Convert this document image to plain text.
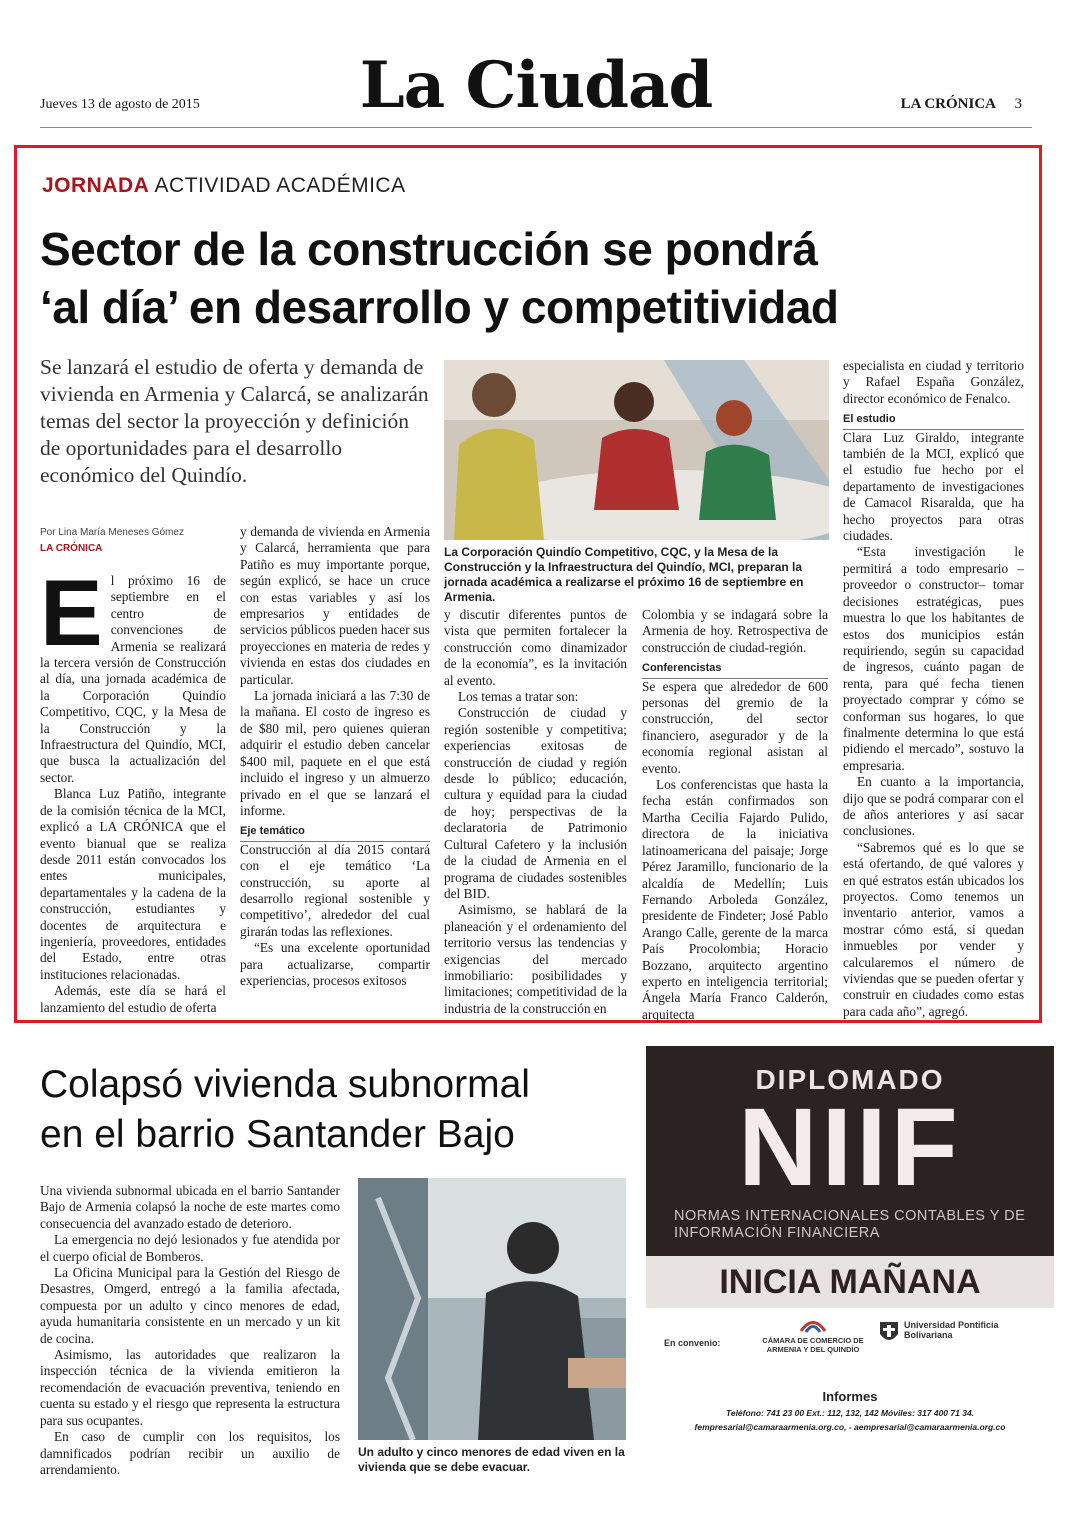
Jueves 13 de agosto de 2015	La Ciudad	LA CRÓNICA 3
JORNADA ACTIVIDAD ACADÉMICA
Sector de la construcción se pondrá
‘al día’ en desarrollo y competitividad
Se lanzará el estudio de oferta y demanda de vivienda en Armenia y Calarcá, se analizarán temas del sector la proyección y definición de oportunidades para el desarrollo económico del Quindío.
Por Lina María Meneses Gómez
LA CRÓNICA
E l próximo 16 de septiembre en el centro de convenciones de Armenia se realizará la tercera versión de Construcción al día, una jornada académica de la Corporación Quindío Competitivo, CQC, y la Mesa de la Construcción y la Infraestructura del Quindío, MCI, que busca la actualización del sector.

Blanca Luz Patiño, integrante de la comisión técnica de la MCI, explicó a LA CRÓNICA que el evento bianual que se realiza desde 2011 están convocados los entes municipales, departamentales y la cadena de la construcción, estudiantes y docentes de arquitectura e ingeniería, proveedores, entidades del Estado, entre otras instituciones relacionadas.

Además, este día se hará el lanzamiento del estudio de oferta

y demanda de vivienda en Armenia y Calarcá, herramienta que para Patiño es muy importante porque, según explicó, se hace un cruce con estas variables y así los empresarios y entidades de servicios públicos pueden hacer sus proyecciones en materia de redes y vivienda en estas dos ciudades en particular.

La jornada iniciará a las 7:30 de la mañana. El costo de ingreso es de $80 mil, pero quienes quieran adquirir el estudio deben cancelar $400 mil, paquete en el que está incluido el ingreso y un almuerzo privado en el que se lanzará el informe.

Eje temático

Construcción al día 2015 contará con el eje temático ‘La construcción, su aporte al desarrollo regional sostenible y competitivo’, alrededor del cual girarán todas las reflexiones.

“Es una excelente oportunidad para actualizarse, compartir experiencias, procesos exitosos

La Corporación Quindío Competitivo, CQC, y la Mesa de la Construcción y la Infraestructura del Quindío, MCI, preparan la jornada académica a realizarse el próximo 16 de septiembre en Armenia.

y discutir diferentes puntos de vista que permiten fortalecer la construcción como dinamizador de la economía”, es la invitación al evento.

Los temas a tratar son:

Construcción de ciudad y región sostenible y competitiva; experiencias exitosas de construcción de ciudad y región desde lo público; educación, cultura y equidad para la ciudad de hoy; perspectivas de la declaratoria de Patrimonio Cultural Cafetero y la inclusión de la ciudad de Armenia en el programa de ciudades sostenibles del BID.

Asimismo, se hablará de la planeación y el ordenamiento del territorio versus las tendencias y exigencias del mercado inmobiliario: posibilidades y limitaciones; competitividad de la industria de la construcción en

Colombia y se indagará sobre la Armenia de hoy. Retrospectiva de construcción de ciudad-región.

Conferencistas

Se espera que alrededor de 600 personas del gremio de la construcción, del sector financiero, asegurador y de la economía regional asistan al evento.

Los conferencistas que hasta la fecha están confirmados son Martha Cecilia Fajardo Pulido, directora de la iniciativa latinoamericana del paisaje; Jorge Pérez Jaramillo, funcionario de la alcaldía de Medellín; Luis Fernando Arboleda González, presidente de Findeter; José Pablo Arango Calle, gerente de la marca País Procolombia; Horacio Bozzano, arquitecto argentino experto en inteligencia territorial; Ángela María Franco Calderón, arquitecta

especialista en ciudad y territorio y Rafael España González, director económico de Fenalco.

El estudio

Clara Luz Giraldo, integrante también de la MCI, explicó que el estudio fue hecho por el departamento de investigaciones de Camacol Risaralda, que ha hecho proyectos para otras ciudades.

“Esta investigación le permitirá a todo empresario –proveedor o constructor– tomar decisiones estratégicas, pues muestra lo que los habitantes de estos dos municipios están requiriendo, según su capacidad de ingresos, cuánto pagan de renta, para qué fecha tienen proyectado comprar y cómo se conforman sus hogares, lo que finalmente determina lo que está pidiendo el mercado”, sostuvo la empresaria.

En cuanto a la importancia, dijo que se podrá comparar con el de años anteriores y así sacar conclusiones.

“Sabremos qué es lo que se está ofertando, de qué valores y en qué estratos están ubicados los proyectos. Como tenemos un inventario anterior, vamos a mostrar cómo está, si quedan inmuebles por vender y calcularemos el número de viviendas que se pueden ofertar y construir en ciudades como estas para cada año”, agregó.

Colapsó vivienda subnormal
en el barrio Santander Bajo

Una vivienda subnormal ubicada en el barrio Santander Bajo de Armenia colapsó la noche de este martes como consecuencia del avanzado estado de deterioro.

La emergencia no dejó lesionados y fue atendida por el cuerpo oficial de Bomberos.

La Oficina Municipal para la Gestión del Riesgo de Desastres, Omgerd, entregó a la familia afectada, compuesta por un adulto y cinco menores de edad, ayuda humanitaria consistente en un mercado y un kit de cocina.

Asimismo, las autoridades que realizaron la inspección técnica de la vivienda emitieron la recomendación de evacuación preventiva, teniendo en cuenta su estado y el riesgo que representa la estructura para sus ocupantes.

En caso de cumplir con los requisitos, los damnificados podrían recibir un auxilio de arrendamiento.

Un adulto y cinco menores de edad viven en la vivienda que se debe evacuar.
DIPLOMADO
NIIF
NORMAS INTERNACIONALES CONTABLES Y DE INFORMACIÓN FINANCIERA
INICIA MAÑANA
En convenio:	CÁMARA DE COMERCIO DE ARMENIA Y DEL QUINDÍO
Universidad Pontificia Bolivariana
Informes
Teléfono: 741 23 00 Ext.: 112, 132, 142 Móviles: 317 400 71 34.
fempresarial@camaraarmenia.org.co, - aempresarial@camaraarmenia.org.co
